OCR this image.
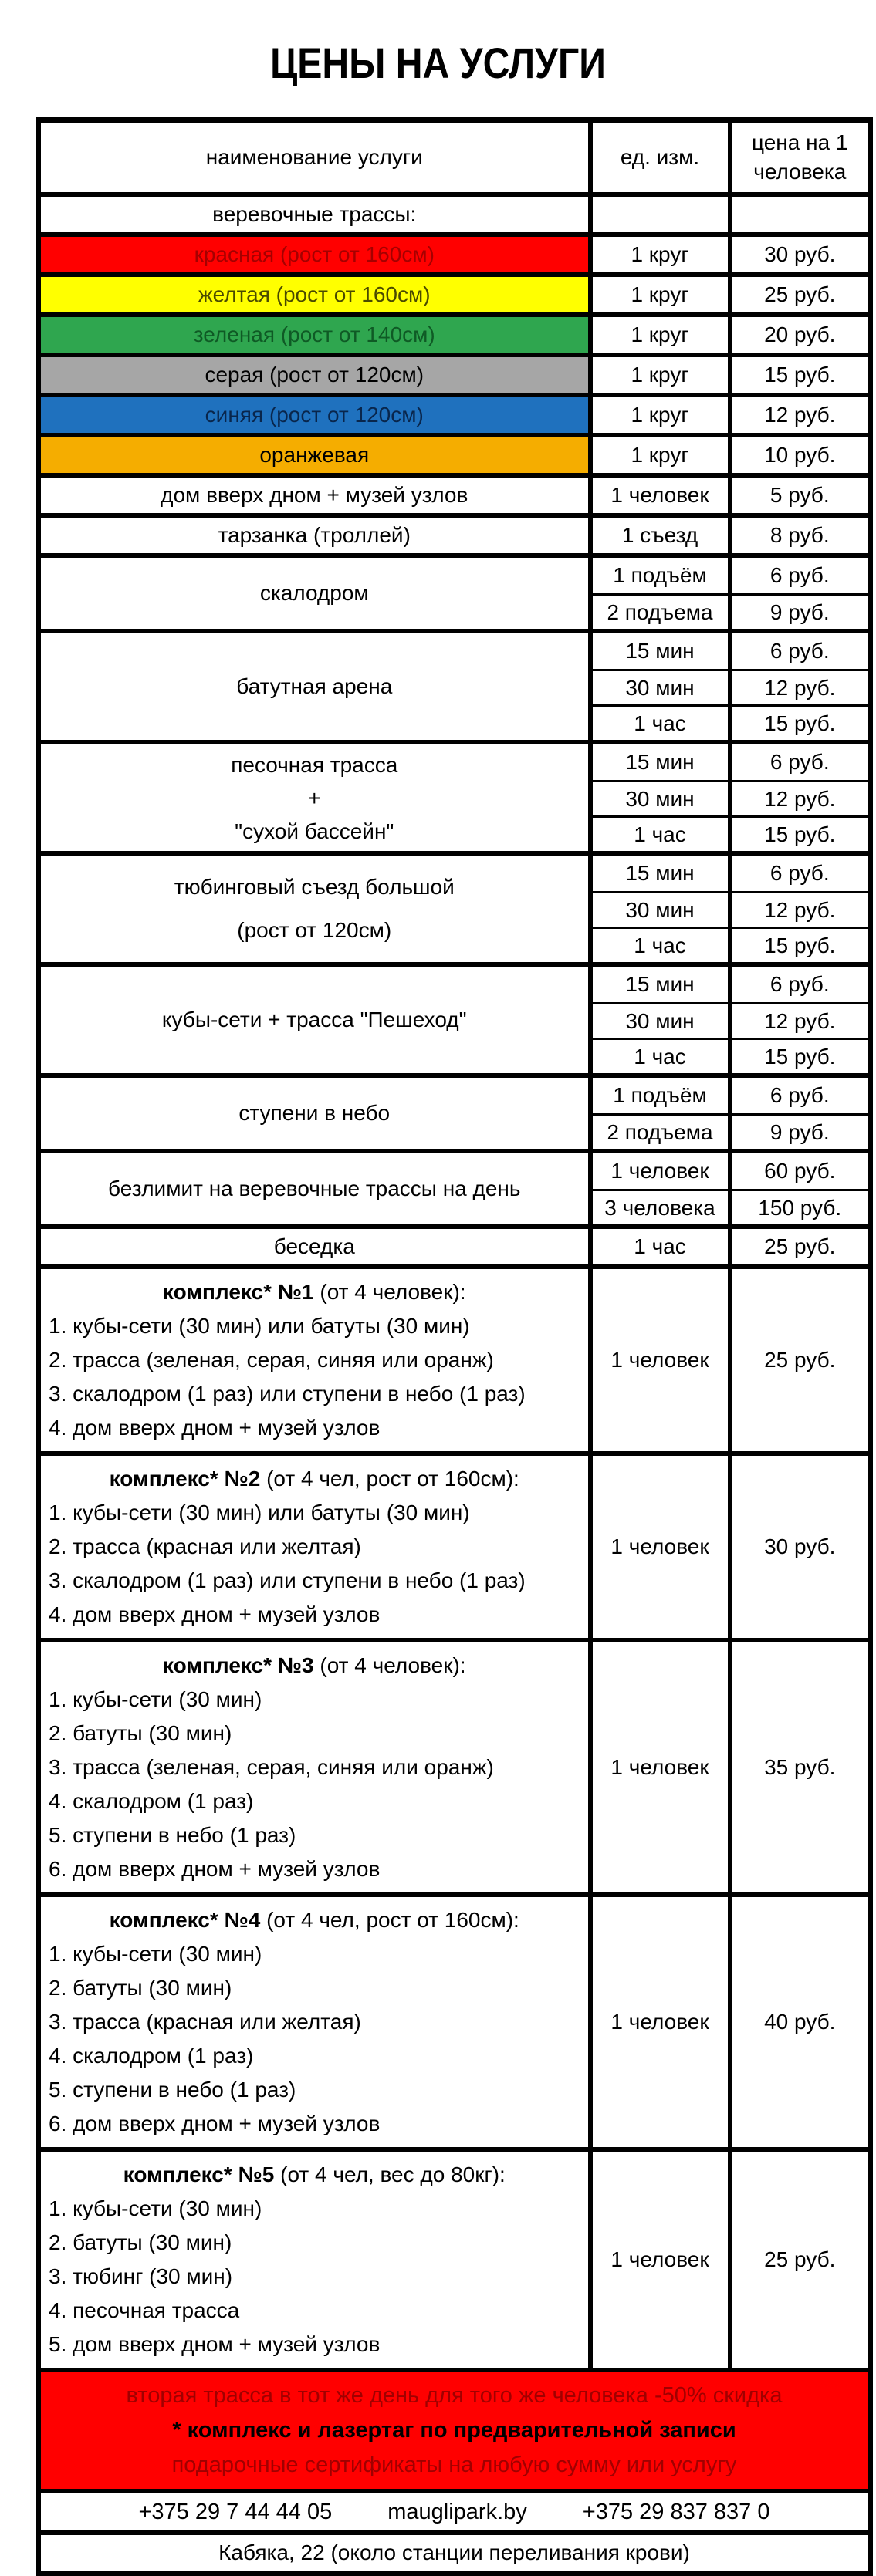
ЦЕНЫ НА УСЛУГИ
наименование услуги	ед. изм.	цена на 1 человека
веревочные трассы:		
красная (рост от 160см)	1 круг	30 руб.
желтая (рост от 160см)	1 круг	25 руб.
зеленая (рост от 140см)	1 круг	20 руб.
серая (рост от 120см)	1 круг	15 руб.
синяя (рост от 120см)	1 круг	12 руб.
оранжевая	1 круг	10 руб.
дом вверх дном + музей узлов	1 человек	5 руб.
тарзанка (троллей)	1 съезд	8 руб.
скалодром	1 подъём	6 руб.
	2 подъема	9 руб.
батутная арена	15 мин	6 руб.
	30 мин	12 руб.
	1 час	15 руб.

песочная трасса
+
"сухой бассейн"	15 мин	6 руб.
	30 мин	12 руб.
	1 час	15 руб.

тюбинговый съезд большой
(рост от 120см)	15 мин	6 руб.
	30 мин	12 руб.
	1 час	15 руб.
кубы-сети + трасса "Пешеход"	15 мин	6 руб.
	30 мин	12 руб.
	1 час	15 руб.
ступени в небо	1 подъём	6 руб.
	2 подъема	9 руб.
безлимит на веревочные трассы на день	1 человек	60 руб.
	3 человека	150 руб.
беседка	1 час	25 руб.

комплекс* №1 (от 4 человек):
1. кубы-сети (30 мин) или батуты (30 мин)
2. трасса (зеленая, серая, синяя или оранж)
3. скалодром (1 раз) или ступени в небо (1 раз)
4. дом вверх дном + музей узлов	1 человек	25 руб.

комплекс* №2 (от 4 чел, рост от 160см):
1. кубы-сети (30 мин) или батуты (30 мин)
2. трасса (красная или желтая)
3. скалодром (1 раз) или ступени в небо (1 раз)
4. дом вверх дном + музей узлов	1 человек	30 руб.

комплекс* №3 (от 4 человек):
1. кубы-сети (30 мин)
2. батуты (30 мин)
3. трасса (зеленая, серая, синяя или оранж)
4. скалодром (1 раз)
5. ступени в небо (1 раз)
6. дом вверх дном + музей узлов
	1 человек	35 руб.

комплекс* №4 (от 4 чел, рост от 160см):
1. кубы-сети (30 мин)
2. батуты (30 мин)
3. трасса (красная или желтая)
4. скалодром (1 раз)
5. ступени в небо (1 раз)
6. дом вверх дном + музей узлов
	1 человек	40 руб.

комплекс* №5 (от 4 чел, вес до 80кг):
1. кубы-сети (30 мин)
2. батуты (30 мин)
3. тюбинг (30 мин)
4. песочная трасса
5. дом вверх дном + музей узлов
	1 человек	25 руб.

вторая трасса в тот же день для того же человека -50% скидка
* комплекс и лазертаг по предварительной записи
подарочные сертификаты на любую сумму или услугу		

+375 29 7 44 44 05 mauglipark.by +375 29 837 837 0		

Кабяка, 22 (около станции переливания крови)		
